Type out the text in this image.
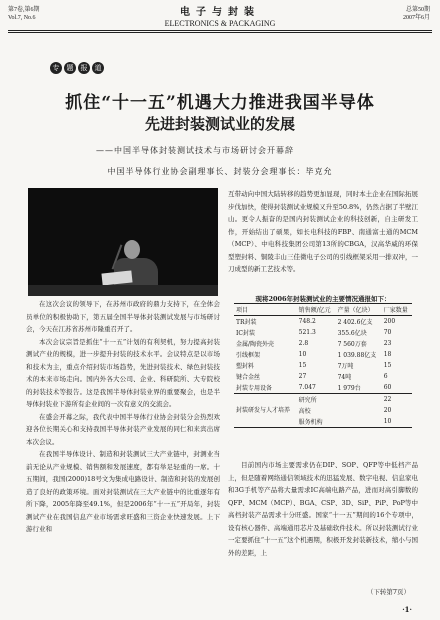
第7卷,第6期
Vol.7, No.6	电子与封装
ELECTRONICS & PACKAGING
总第50期
2007年6月
专	题	报	道
抓住“十一五”机遇大力推进我国半导体
先进封装测试业的发展
——中国半导体封装测试技术与市场研讨会开幕辞
中国半导体行业协会副理事长、封装分会理事长：毕克允
在这次会议的领导下，在苏州市政府的鼎力支持下，在全体会员单位的积极协助下，第五届全国半导体封装测试发展与市场研讨会，今天在江苏省苏州市隆重召开了。
本次会议宗旨是抓住“十一五”计划的有利契机，努力提高封装测试产业的规模，进一步提升封装的技术水平。会议特点是以市场和技术为主，重点介绍封装市场趋势，先进封装技术、绿色封装技术的本来市场走向。国内外各大公司、企业、科研院所、大专院校的封装技术等报告。这是我国半导体封装业界的重要聚会，也是半导体封装业下游所有企业间的一次有意义的交流会。
在盛会开幕之际，我代表中国半导体行业协会封装分会热烈欢迎各位长期关心和支持我国半导体封装产业发展的同仁和来宾出席本次会议。
在我国半导体设计、制造和封装测试三大产业链中，封测业当前无论从产业规模、销售额和发展速度，都有举足轻重的一席。十五期间，我国(2000)18号文为集成电路设计、制造和封装的发展创造了良好的政策环境。面对封装测试在三大产业链中的比重逐年有所下降，2005年降至49.1%，但是2006年“十一五”开局年，封装测试产业在我国信息产业市场需求旺盛和三资企业快速发展。上下游行业和
互带动向中国大陆转移的趋势更加显现，同时本土企业在国际拓展步伐加快，使得封装测试业规模又升至50.8%，仍然占据了半壁江山。更令人振奋的是国内封装测试企业的科技创新，自主研发工作，开始结出了硕果，如长电科技的FBP、南通富士通的MCM（MCP）、中电科技集团公司第13所的CBGA，汉高华威的环保型塑封料、铜陵丰山三佳微电子公司的引线框架采用一排双冲，一刀成型的新工艺技术等。
现将2006年封装测试业的主要情况通报如下：
项目	销售额/亿元	产量（亿块）	厂家数量
TR封装	748.2	2 402.6亿支	200
IC封装	521.3	355.6亿块	70
金属/陶瓷外壳	2.8	7 560万套	23
引线框架	10	1 039.88亿支	18
塑封料	15	7万吨	15
键合金丝	27	74吨	6
封装专用设备	7.047	1 979台	60
封装研发与人才培养	研究所		22
	高校		20
	服务机构		10
目前国内市场主要需求仍在DIP、SOP、QFP等中低档产品上，但是随着网络通信领域技术的迅猛发展、数字电视、信息家电和3G手机等产品将大量需求IC高端电路产品，进而对高引脚数的QFP、MCM（MCP）、BGA、CSP、3D、SiP、PiP、PoP等中高档封装产品需求十分旺盛。国家“十一五”期间的16个专项中，设有核心器件、高端通用芯片及基础软件技术。所以封装测试行业一定要抓住“十一五”这个机遇期，积极开发封装新技术，缩小与国外的差距，上
（下转第7页）
·1·
